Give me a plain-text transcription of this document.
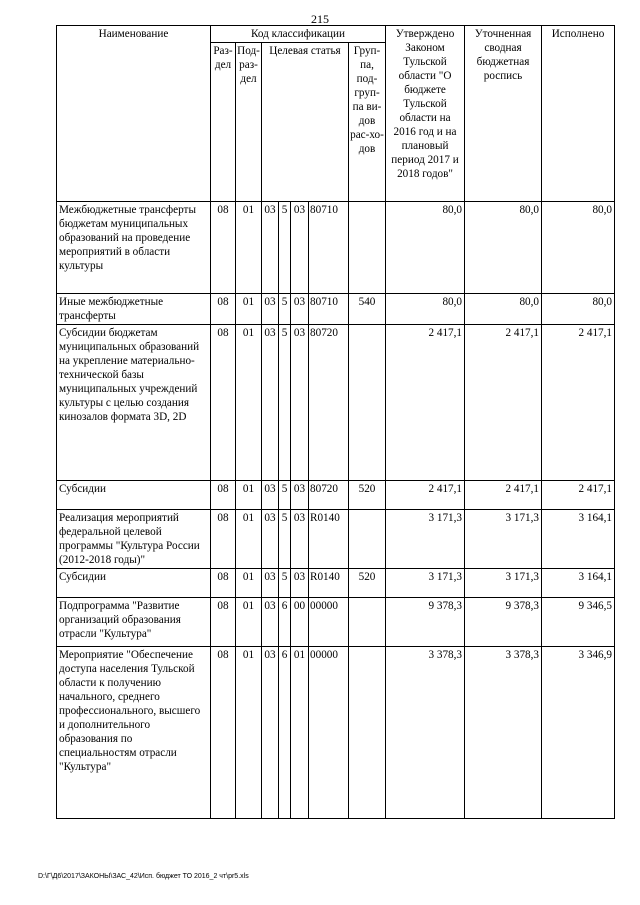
215
Наименование	Код классификации							Утверждено Законом Тульской области "О бюджете Тульской области на 2016 год и на плановый период 2017 и 2018 годов"	Уточненная сводная бюджетная роспись	Исполнено
	Раз-дел	Под-раз-дел	Целевая статья				Груп-па, под-груп-па ви-дов рас-хо-дов			

Межбюджетные трансферты бюджетам муниципальных образований на проведение мероприятий в области культуры	08	01	03	5	03	80710		80,0	80,0	80,0
Иные межбюджетные трансферты	08	01	03	5	03	80710	540	80,0	80,0	80,0
Субсидии бюджетам муниципальных образований на укрепление материально-технической базы муниципальных учреждений культуры с целью создания кинозалов формата 3D, 2D	08	01	03	5	03	80720		2 417,1	2 417,1	2 417,1
Субсидии	08	01	03	5	03	80720	520	2 417,1	2 417,1	2 417,1
Реализация мероприятий федеральной целевой программы "Культура России (2012-2018 годы)"	08	01	03	5	03	R0140		3 171,3	3 171,3	3 164,1
Субсидии	08	01	03	5	03	R0140	520	3 171,3	3 171,3	3 164,1
Подпрограмма "Развитие организаций образования отрасли "Культура"	08	01	03	6	00	00000		9 378,3	9 378,3	9 346,5
Мероприятие "Обеспечение доступа населения Тульской области к получению начального, среднего профессионального, высшего и дополнительного образования по специальностям отрасли "Культура"	08	01	03	6	01	00000		3 378,3	3 378,3	3 346,9
D:\Г\Д6\2017\ЗАКОНЫ\ЗАС_42\Исп. бюджет ТО 2016_2 чт\pr5.xls
